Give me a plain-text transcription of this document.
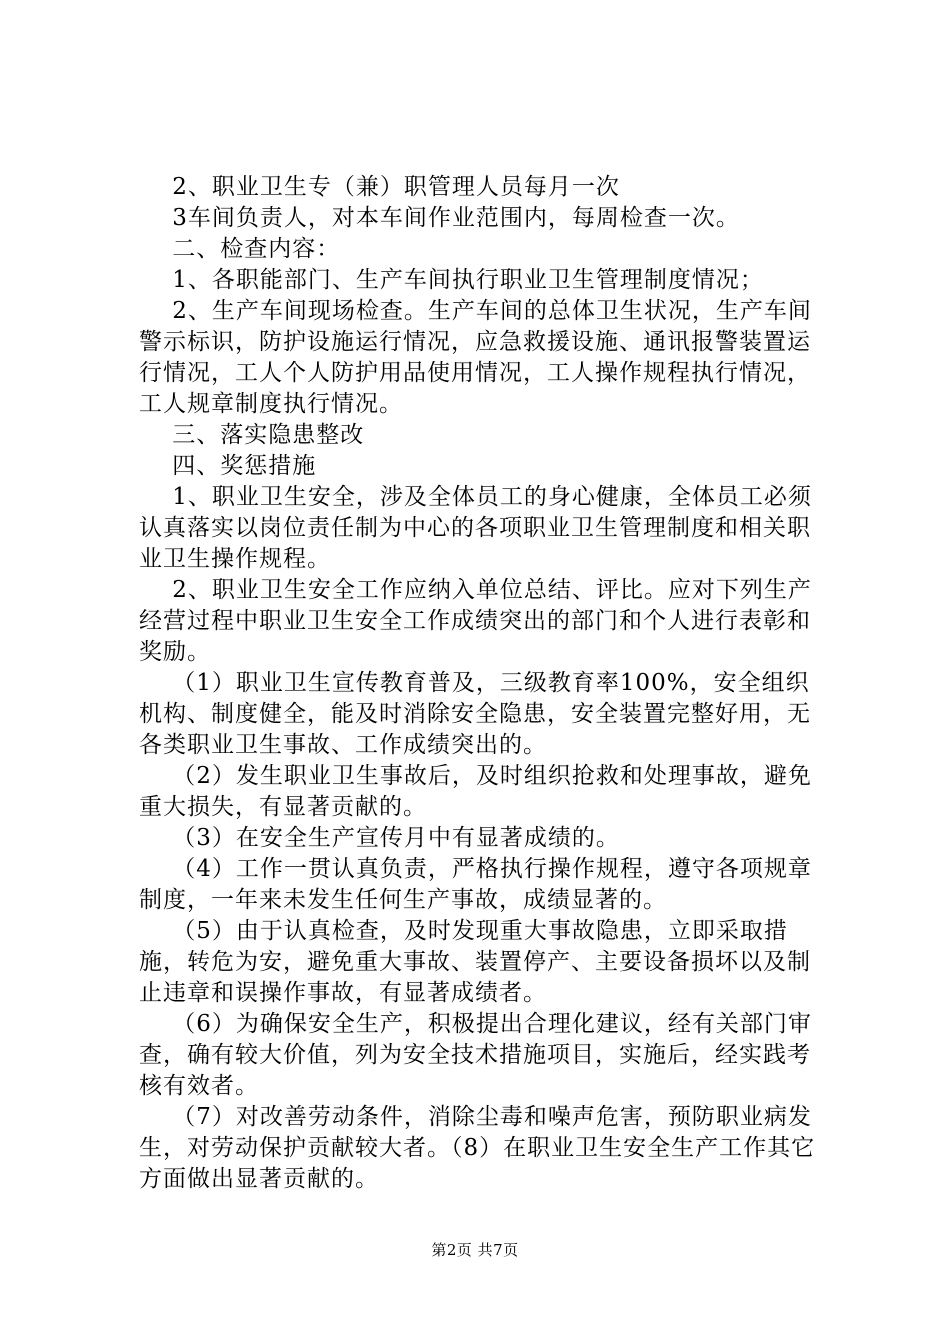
2、职业卫生专（兼）职管理人员每月一次

3车间负责人，对本车间作业范围内，每周检查一次。

二、检查内容：

1、各职能部门、生产车间执行职业卫生管理制度情况；

2、生产车间现场检查。生产车间的总体卫生状况，生产车间警示标识，防护设施运行情况，应急救援设施、通讯报警装置运行情况，工人个人防护用品使用情况，工人操作规程执行情况，工人规章制度执行情况。

三、落实隐患整改

四、奖惩措施

1、职业卫生安全，涉及全体员工的身心健康，全体员工必须认真落实以岗位责任制为中心的各项职业卫生管理制度和相关职业卫生操作规程。

2、职业卫生安全工作应纳入单位总结、评比。应对下列生产经营过程中职业卫生安全工作成绩突出的部门和个人进行表彰和奖励。

（1）职业卫生宣传教育普及，三级教育率100%，安全组织机构、制度健全，能及时消除安全隐患，安全装置完整好用，无各类职业卫生事故、工作成绩突出的。

（2）发生职业卫生事故后，及时组织抢救和处理事故，避免重大损失，有显著贡献的。

（3）在安全生产宣传月中有显著成绩的。

（4）工作一贯认真负责，严格执行操作规程，遵守各项规章制度，一年来未发生任何生产事故，成绩显著的。

（5）由于认真检查，及时发现重大事故隐患，立即采取措施，转危为安，避免重大事故、装置停产、主要设备损坏以及制止违章和误操作事故，有显著成绩者。

（6）为确保安全生产，积极提出合理化建议，经有关部门审查，确有较大价值，列为安全技术措施项目，实施后，经实践考核有效者。

（7）对改善劳动条件，消除尘毒和噪声危害，预防职业病发生，对劳动保护贡献较大者。（8）在职业卫生安全生产工作其它方面做出显著贡献的。

第2页 共7页
